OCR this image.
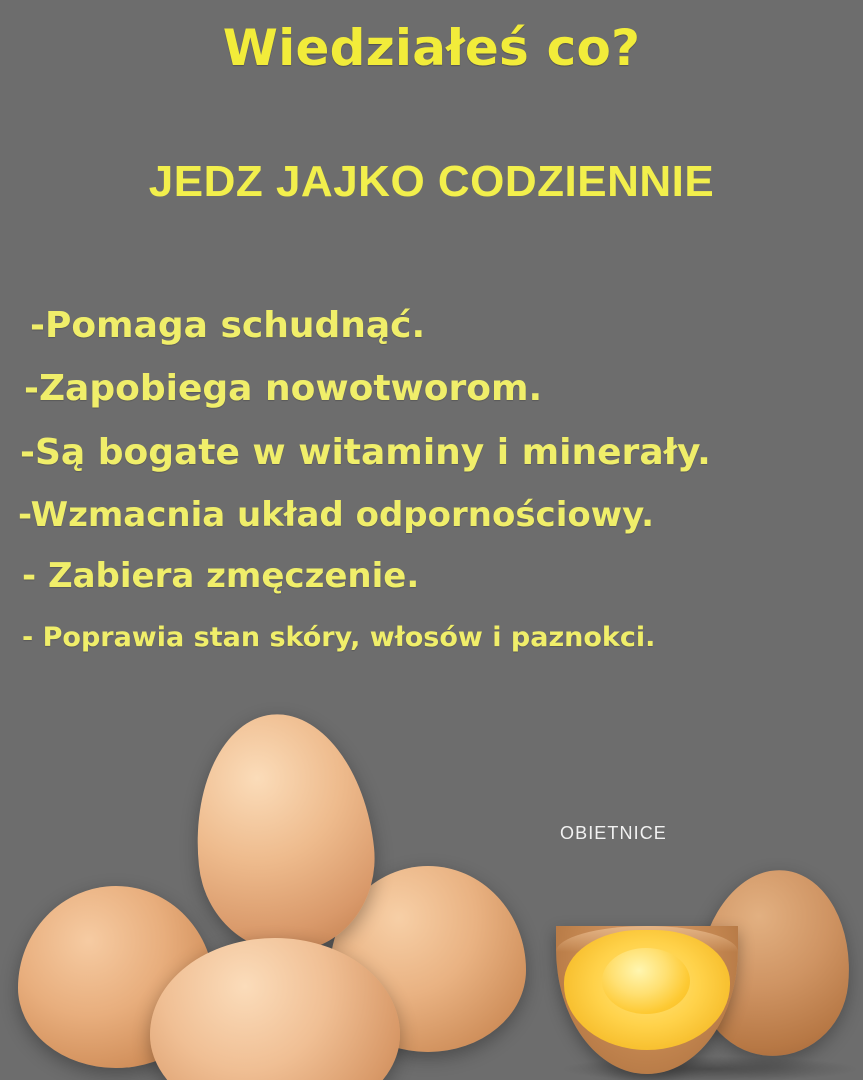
Wiedziałeś co?
JEDZ JAJKO CODZIENNIE
-Pomaga schudnąć.
-Zapobiega nowotworom.
-Są bogate w witaminy i minerały.
-Wzmacnia układ odpornościowy.
- Zabiera zmęczenie.
- Poprawia stan skóry, włosów i paznokci.
OBIETNICE
